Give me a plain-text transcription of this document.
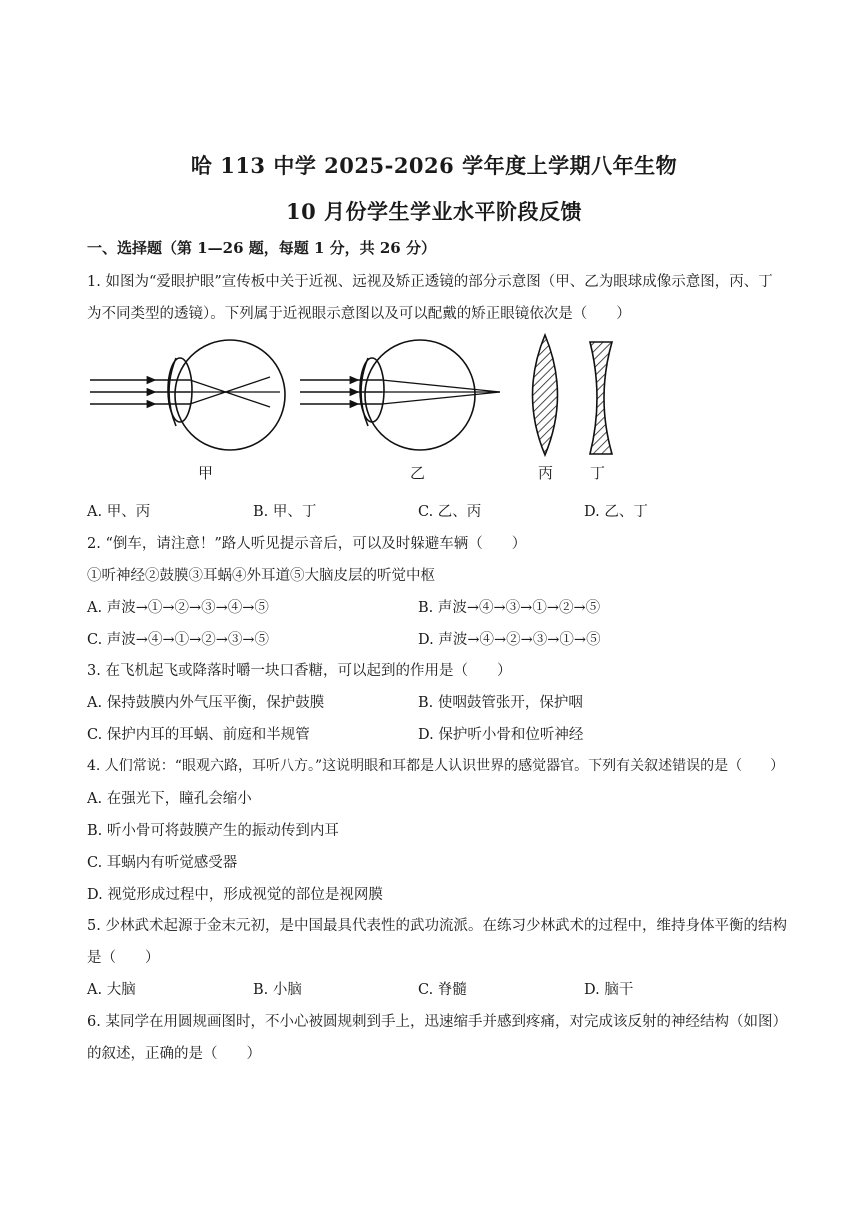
哈 113 中学 2025-2026 学年度上学期八年生物
10 月份学生学业水平阶段反馈
一、选择题（第 1—26 题，每题 1 分，共 26 分）
1. 如图为“爱眼护眼”宣传板中关于近视、远视及矫正透镜的部分示意图（甲、乙为眼球成像示意图，丙、丁
为不同类型的透镜）。下列属于近视眼示意图以及可以配戴的矫正眼镜依次是（　　）
甲	乙	丙 丁
A. 甲、丙	B. 甲、丁	C. 乙、丙	D. 乙、丁
2. “倒车，请注意！”路人听见提示音后，可以及时躲避车辆（　　）
①听神经②鼓膜③耳蜗④外耳道⑤大脑皮层的听觉中枢
A. 声波→①→②→③→④→⑤	B. 声波→④→③→①→②→⑤
C. 声波→④→①→②→③→⑤	D. 声波→④→②→③→①→⑤
3. 在飞机起飞或降落时嚼一块口香糖，可以起到的作用是（　　）
A. 保持鼓膜内外气压平衡，保护鼓膜	B. 使咽鼓管张开，保护咽
C. 保护内耳的耳蜗、前庭和半规管	D. 保护听小骨和位听神经
4. 人们常说：“眼观六路，耳听八方。”这说明眼和耳都是人认识世界的感觉器官。下列有关叙述错误的是（　　）
A. 在强光下，瞳孔会缩小
B. 听小骨可将鼓膜产生的振动传到内耳
C. 耳蜗内有听觉感受器
D. 视觉形成过程中，形成视觉的部位是视网膜
5. 少林武术起源于金末元初，是中国最具代表性的武功流派。在练习少林武术的过程中，维持身体平衡的结构
是（　　）
A. 大脑	B. 小脑	C. 脊髓	D. 脑干
6. 某同学在用圆规画图时，不小心被圆规刺到手上，迅速缩手并感到疼痛，对完成该反射的神经结构（如图）
的叙述，正确的是（　　）
